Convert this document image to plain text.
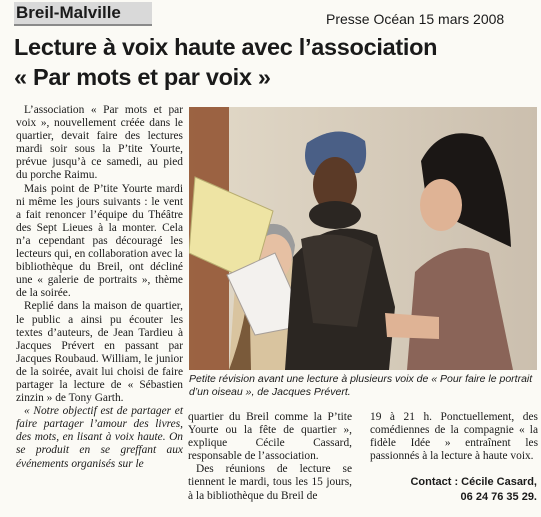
Breil-Malville	Presse Océan 15 mars 2008
Lecture à voix haute avec l’association
« Par mots et par voix »

L’association « Par mots et par voix », nouvellement créée dans le quartier, devait faire des lectures mardi soir sous la P’tite Yourte, prévue jusqu’à ce samedi, au pied du porche Raimu.

Mais point de P’tite Yourte mardi ni même les jours suivants : le vent a fait renoncer l’équipe du Théâtre des Sept Lieues à la monter. Cela n’a cependant pas découragé les lecteurs qui, en collaboration avec la bibliothèque du Breil, ont décliné une « galerie de portraits », thème de la soirée.

Replié dans la maison de quartier, le public a ainsi pu écouter les textes d’auteurs, de Jean Tardieu à Jacques Prévert en passant par Jacques Roubaud. William, le junior de la soirée, avait lui choisi de faire partager la lecture de « Sébastien zinzin » de Tony Garth.

« Notre objectif est de partager et faire partager l’amour des livres, des mots, en lisant à voix haute. On se produit en se greffant aux événements organisés sur le

Petite révision avant une lecture à plusieurs voix de « Pour faire le portrait d’un oiseau », de Jacques Prévert.

quartier du Breil comme la P’tite Yourte ou la fête de quartier », explique Cécile Cassard, responsable de l’association.

Des réunions de lecture se tiennent le mardi, tous les 15 jours, à la bibliothèque du Breil de

19 à 21 h. Ponctuellement, des comédiennes de la compagnie « la fidèle Idée » entraînent les passionnés à la lecture à haute voix.

Contact : Cécile Casard,
06 24 76 35 29.
